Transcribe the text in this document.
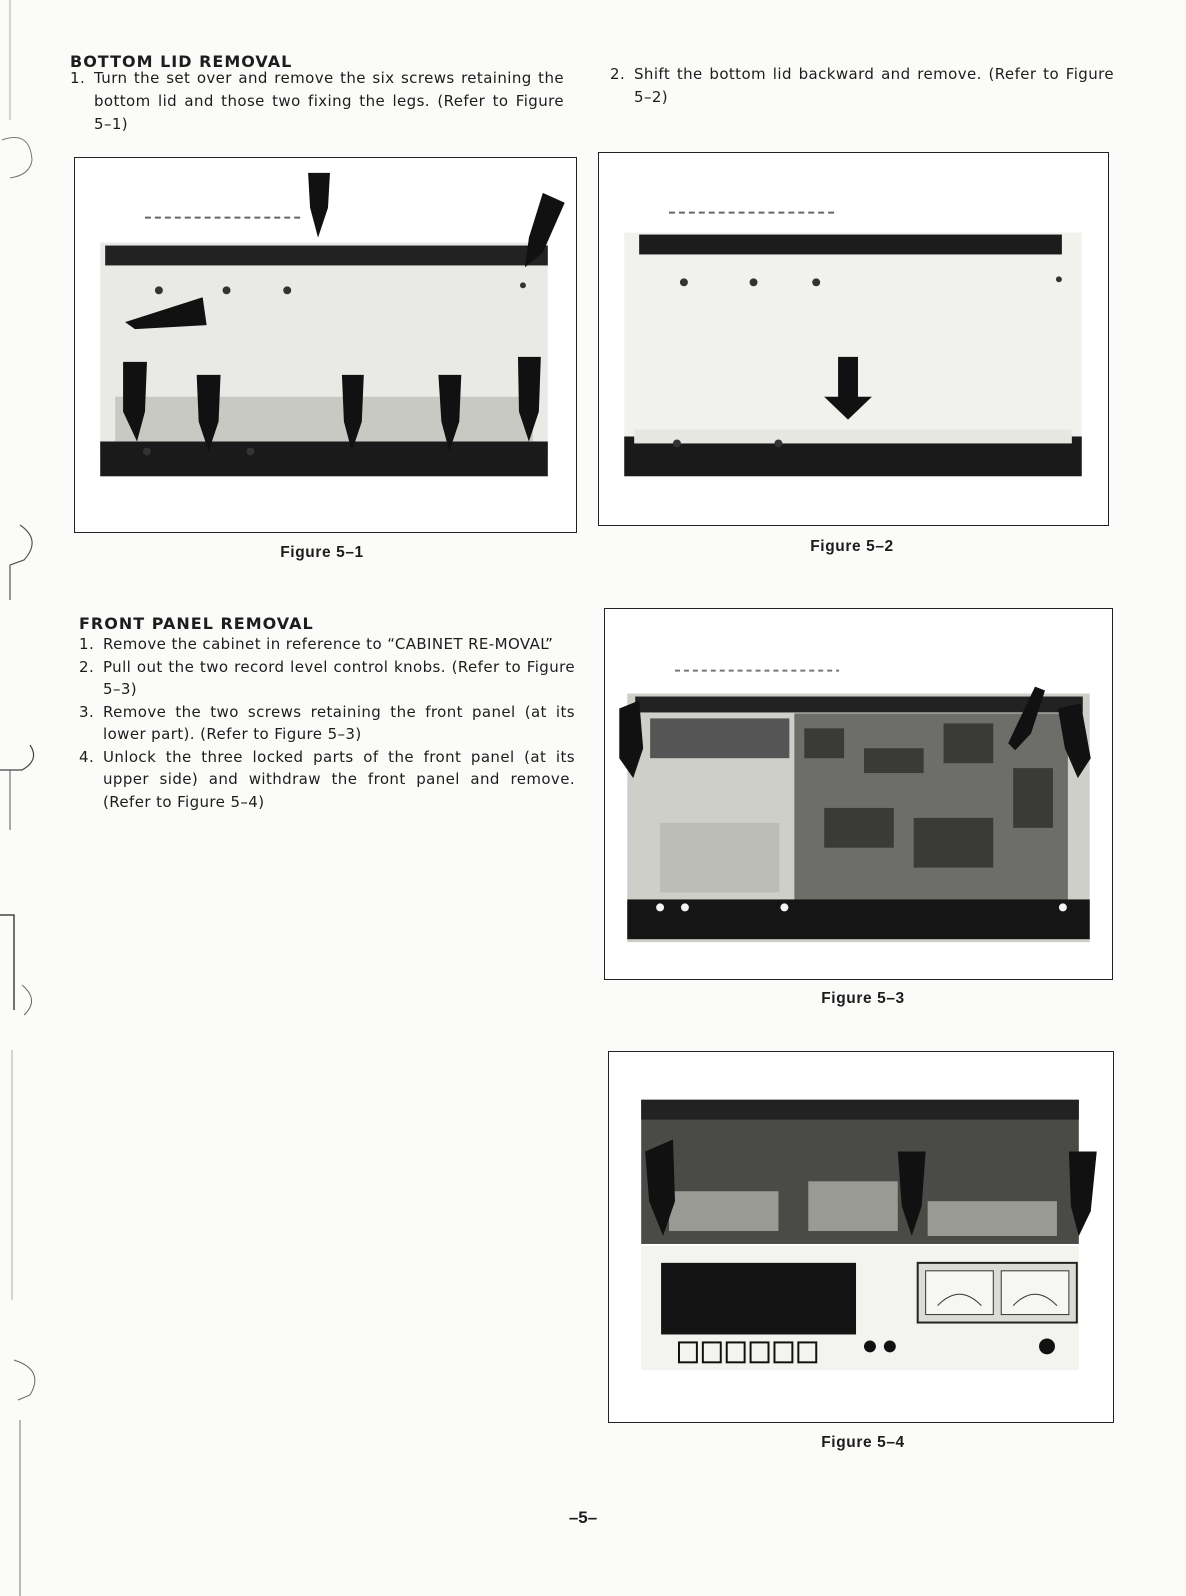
BOTTOM LID REMOVAL
1. Turn the set over and remove the six screws retaining the bottom lid and those two fixing the legs. (Refer to Figure 5–1)
2. Shift the bottom lid backward and remove. (Refer to Figure 5–2)
Figure 5–1	Figure 5–2
FRONT PANEL REMOVAL
1. Remove the cabinet in reference to “CABINET RE-MOVAL”
2. Pull out the two record level control knobs. (Refer to Figure 5–3)
3. Remove the two screws retaining the front panel (at its lower part). (Refer to Figure 5–3)
4. Unlock the three locked parts of the front panel (at its upper side) and withdraw the front panel and remove. (Refer to Figure 5–4)
Figure 5–3
Figure 5–4
–5–
